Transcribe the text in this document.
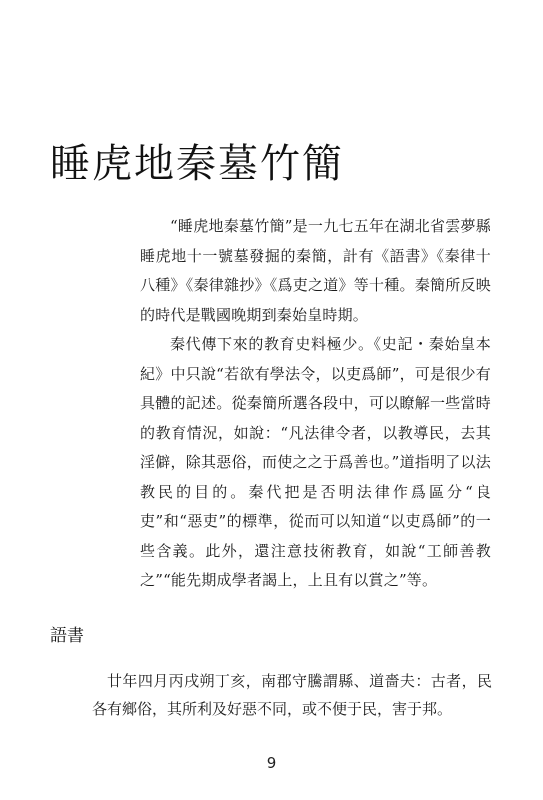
睡虎地秦墓竹簡

“睡虎地秦墓竹簡”是一九七五年在湖北省雲夢縣睡虎地十一號墓發掘的秦簡，計有《語書》《秦律十八種》《秦律雜抄》《爲吏之道》等十種。秦簡所反映的時代是戰國晚期到秦始皇時期。

秦代傳下來的教育史料極少。《史記・秦始皇本紀》中只說“若欲有學法令，以吏爲師”，可是很少有具體的記述。從秦簡所選各段中，可以瞭解一些當時的教育情況，如說：“凡法律令者，以教導民，去其淫僻，除其惡俗，而使之之于爲善也。”道指明了以法教民的目的。秦代把是否明法律作爲區分“良吏”和“惡吏”的標準，從而可以知道“以吏爲師”的一些含義。此外，還注意技術教育，如說“工師善教之”“能先期成學者謁上，上且有以賞之”等。

語書

廿年四月丙戌朔丁亥，南郡守騰謂縣、道嗇夫：古者，民各有鄉俗，其所利及好惡不同，或不便于民，害于邦。

9
